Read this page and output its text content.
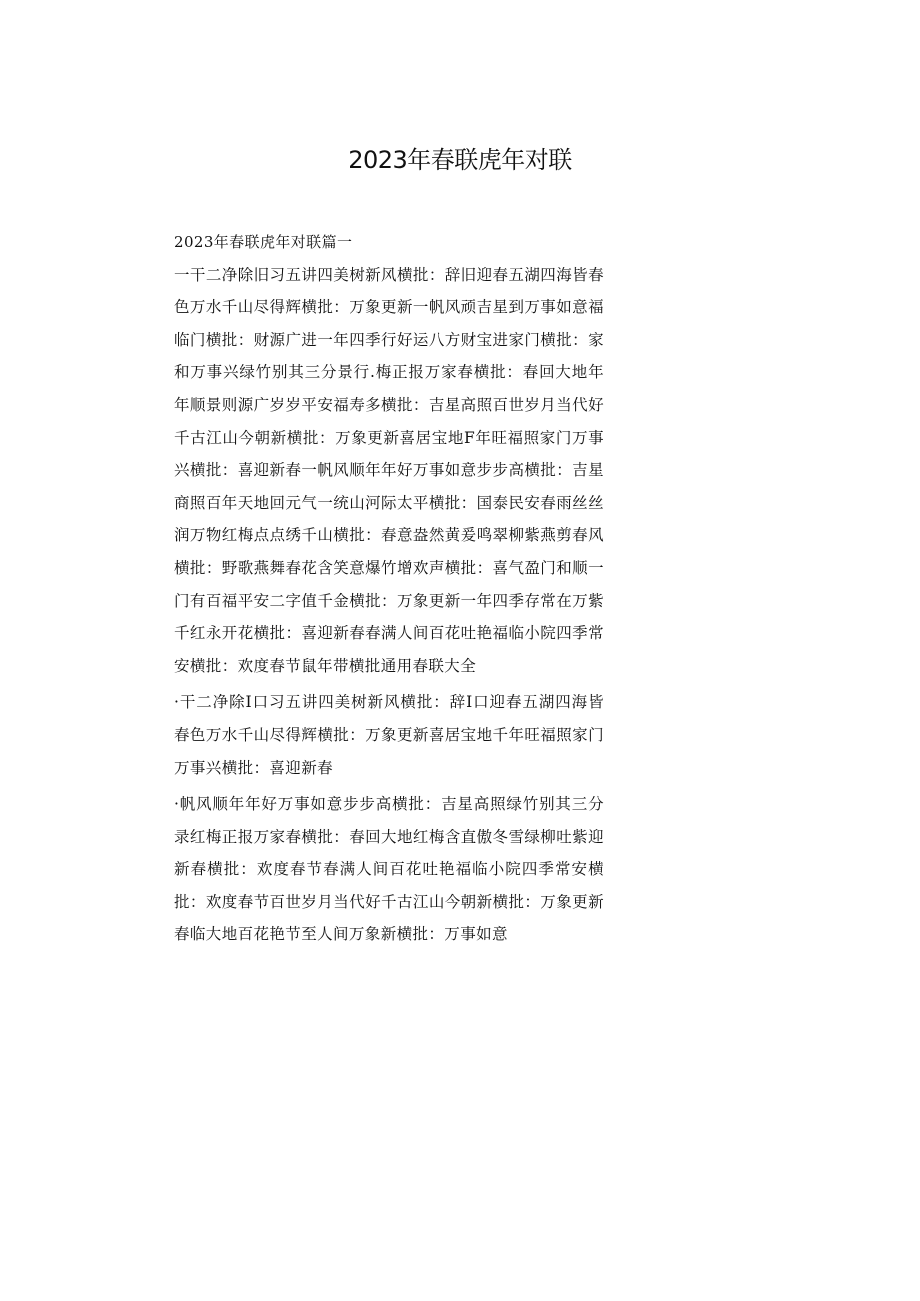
2023年春联虎年对联
2023年春联虎年对联篇一

一干二净除旧习五讲四美树新风横批：辞旧迎春五湖四海皆春色万水千山尽得辉横批：万象更新一帆风顽吉星到万事如意福临门横批：财源广进一年四季行好运八方财宝进家门横批：家和万事兴绿竹别其三分景行.梅正报万家春横批：春回大地年年顺景则源广岁岁平安福寿多横批：吉星高照百世岁月当代好千古江山今朝新横批：万象更新喜居宝地F年旺福照家门万事兴横批：喜迎新春一帆风顺年年好万事如意步步高横批：吉星商照百年天地回元气一统山河际太平横批：国泰民安春雨丝丝润万物红梅点点绣千山横批：春意盎然黄爰鸣翠柳紫燕剪春风横批：野歌燕舞春花含笑意爆竹增欢声横批：喜气盈门和顺一门有百福平安二字值千金横批：万象更新一年四季存常在万紫千红永开花横批：喜迎新春春满人间百花吐艳福临小院四季常安横批：欢度春节鼠年带横批通用春联大全

·干二净除I口习五讲四美树新风横批：辞I口迎春五湖四海皆春色万水千山尽得辉横批：万象更新喜居宝地千年旺福照家门万事兴横批：喜迎新春

·帆风顺年年好万事如意步步高横批：吉星高照绿竹别其三分录红梅正报万家春横批：春回大地红梅含直傲冬雪绿柳吐紫迎新春横批：欢度春节春满人间百花吐艳福临小院四季常安横批：欢度春节百世岁月当代好千古江山今朝新横批：万象更新春临大地百花艳节至人间万象新横批：万事如意
